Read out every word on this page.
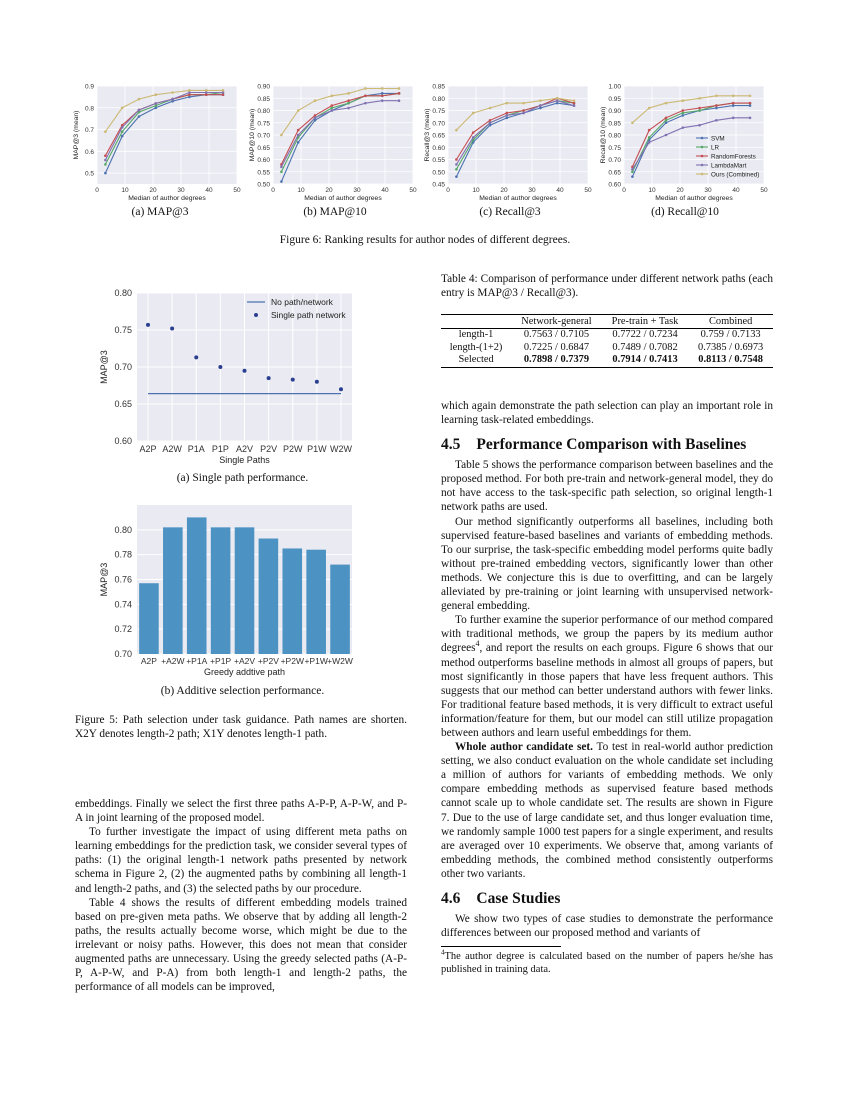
0.5
0.6
0.7
0.8
0.9
0	10	20	30	40	50
Median of author degrees
MAP@3 (mean)
0.50
0.55
0.60
0.65
0.70
0.75
0.80
0.85
0.90
0	10	20	30	40	50
Median of author degrees
MAP@10 (mean)
0.45
0.50
0.55
0.60
0.65
0.70
0.75
0.80
0.85
0	10	20	30	40	50
Median of author degrees
Recall@3 (mean)
0.60
0.65
0.70
0.75
0.80
0.85
0.90
0.95
1.00
0	10	20	30	40	50
Median of author degrees
Recall@10 (mean)	SVM
LR
RandomForests
LambdaMart
Ours (Combined)
(a) MAP@3	(b) MAP@10	(c) Recall@3	(d) Recall@10
Figure 6: Ranking results for author nodes of different degrees.
0.60
0.65
0.70
0.75
0.80
A2P A2W P1A P1P A2V P2V P2W P1W W2W
Single Paths
MAP@3
No path/network
Single path network
(a) Single path performance.
0.70
0.72
0.74
0.76
0.78
0.80
A2P +A2W +P1A +P1P +A2V +P2V +P2W +P1W +W2W
Greedy addtive path
MAP@3
(b) Additive selection performance.
Figure 5: Path selection under task guidance. Path names are shorten. X2Y denotes length-2 path; X1Y denotes length-1 path.

embeddings. Finally we select the first three paths A-P-P, A-P-W, and P-A in joint learning of the proposed model.

To further investigate the impact of using different meta paths on learning embeddings for the prediction task, we consider several types of paths: (1) the original length-1 network paths presented by network schema in Figure 2, (2) the augmented paths by combining all length-1 and length-2 paths, and (3) the selected paths by our procedure.

Table 4 shows the results of different embedding models trained based on pre-given meta paths. We observe that by adding all length-2 paths, the results actually become worse, which might be due to the irrelevant or noisy paths. However, this does not mean that consider augmented paths are unnecessary. Using the greedy selected paths (A-P-P, A-P-W, and P-A) from both length-1 and length-2 paths, the performance of all models can be improved,

Table 4: Comparison of performance under different network paths (each entry is MAP@3 / Recall@3).
	Network-general	Pre-train + Task	Combined
length-1	0.7563 / 0.7105	0.7722 / 0.7234	0.759 / 0.7133
length-(1+2)	0.7225 / 0.6847	0.7489 / 0.7082	0.7385 / 0.6973
Selected	0.7898 / 0.7379	0.7914 / 0.7413	0.8113 / 0.7548

which again demonstrate the path selection can play an important role in learning task-related embeddings.

4.5 Performance Comparison with Baselines

Table 5 shows the performance comparison between baselines and the proposed method. For both pre-train and network-general model, they do not have access to the task-specific path selection, so original length-1 network paths are used.

Our method significantly outperforms all baselines, including both supervised feature-based baselines and variants of embedding methods. To our surprise, the task-specific embedding model performs quite badly without pre-trained embedding vectors, significantly lower than other methods. We conjecture this is due to overfitting, and can be largely alleviated by pre-training or joint learning with unsupervised network-general embedding.

To further examine the superior performance of our method compared with traditional methods, we group the papers by its medium author degrees$^4$, and report the results on each groups. Figure 6 shows that our method outperforms baseline methods in almost all groups of papers, but most significantly in those papers that have less frequent authors. This suggests that our method can better understand authors with fewer links. For traditional feature based methods, it is very difficult to extract useful information/feature for them, but our model can still utilize propagation between authors and learn useful embeddings for them.

Whole author candidate set. To test in real-world author prediction setting, we also conduct evaluation on the whole candidate set including a million of authors for variants of embedding methods. We only compare embedding methods as supervised feature based methods cannot scale up to whole candidate set. The results are shown in Figure 7. Due to the use of large candidate set, and thus longer evaluation time, we randomly sample 1000 test papers for a single experiment, and results are averaged over 10 experiments. We observe that, among variants of embedding methods, the combined method consistently outperforms other two variants.

4.6 Case Studies

We show two types of case studies to demonstrate the performance differences between our proposed method and variants of

$^4$The author degree is calculated based on the number of papers he/she has published in training data.
